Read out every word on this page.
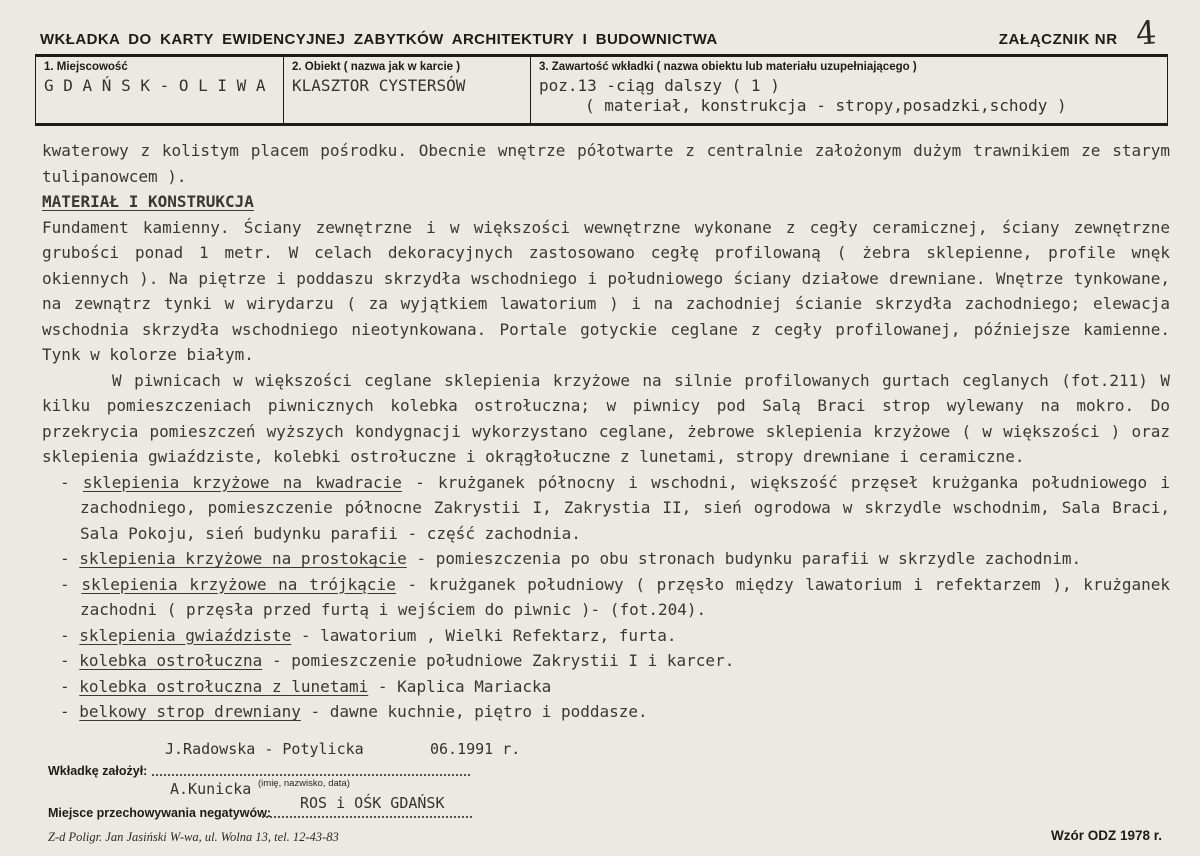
WKŁADKA DO KARTY EWIDENCYJNEJ ZABYTKÓW ARCHITEKTURY I BUDOWNICTWA	ZAŁĄCZNIK NR 4
1. Miejscowość
G D A Ń S K - O L I W A
2. Obiekt ( nazwa jak w karcie )
KLASZTOR CYSTERSÓW
3. Zawartość wkładki ( nazwa obiektu lub materiału uzupełniającego )
poz.13 -ciąg dalszy ( 1 )
( materiał, konstrukcja - stropy,posadzki,schody )

kwaterowy z kolistym placem pośrodku. Obecnie wnętrze półotwarte z centralnie założonym dużym trawnikiem ze starym tulipanowcem ).

MATERIAŁ I KONSTRUKCJA

Fundament kamienny. Ściany zewnętrzne i w większości wewnętrzne wykonane z cegły ceramicznej, ściany zewnętrzne grubości ponad 1 metr. W celach dekoracyjnych zastosowano cegłę profilowaną ( żebra sklepienne, profile wnęk okiennych ). Na piętrze i poddaszu skrzydła wschodniego i południowego ściany działowe drewniane. Wnętrze tynkowane, na zewnątrz tynki w wirydarzu ( za wyjątkiem lawatorium ) i na zachodniej ścianie skrzydła zachodniego; elewacja wschodnia skrzydła wschodniego nieotynkowana. Portale gotyckie ceglane z cegły profilowanej, późniejsze kamienne. Tynk w kolorze białym.

W piwnicach w większości ceglane sklepienia krzyżowe na silnie profilowanych gurtach ceglanych (fot.211) W kilku pomieszczeniach piwnicznych kolebka ostrołuczna; w piwnicy pod Salą Braci strop wylewany na mokro. Do przekrycia pomieszczeń wyższych kondygnacji wykorzystano ceglane, żebrowe sklepienia krzyżowe ( w większości ) oraz sklepienia gwiaździste, kolebki ostrołuczne i okrągłołuczne z lunetami, stropy drewniane i ceramiczne.

- sklepienia krzyżowe na kwadracie - krużganek północny i wschodni, większość przęseł krużganka południowego i zachodniego, pomieszczenie północne Zakrystii I, Zakrystia II, sień ogrodowa w skrzydle wschodnim, Sala Braci, Sala Pokoju, sień budynku parafii - część zachodnia.
- sklepienia krzyżowe na prostokącie - pomieszczenia po obu stronach budynku parafii w skrzydle zachodnim.
- sklepienia krzyżowe na trójkącie - krużganek południowy ( przęsło między lawatorium i refektarzem ), krużganek zachodni ( przęsła przed furtą i wejściem do piwnic )- (fot.204).
- sklepienia gwiaździste - lawatorium , Wielki Refektarz, furta.
- kolebka ostrołuczna - pomieszczenie południowe Zakrystii I i karcer.
- kolebka ostrołuczna z lunetami - Kaplica Mariacka
- belkowy strop drewniany - dawne kuchnie, piętro i poddasze.
J.Radowska - Potylicka	06.1991 r.
Wkładkę założył:
A.Kunicka (imię, nazwisko, data)
ROS i OŚK GDAŃSK
Miejsce przechowywania negatywów:
Z-d Poligr. Jan Jasiński W-wa, ul. Wolna 13, tel. 12-43-83	Wzór ODZ 1978 r.
